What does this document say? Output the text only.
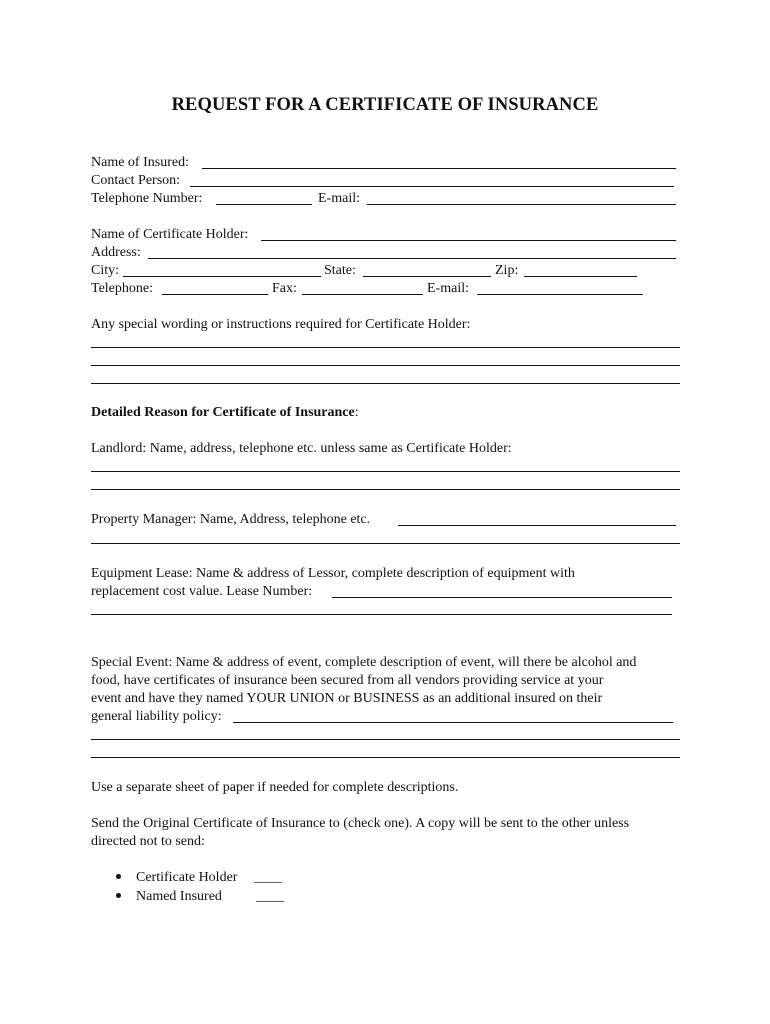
REQUEST FOR A CERTIFICATE OF INSURANCE
Name of Insured:
Contact Person:
Telephone Number:	E-mail:
Name of Certificate Holder:
Address:
City:	State:	Zip:
Telephone:	Fax:	E-mail:
Any special wording or instructions required for Certificate Holder:
Detailed Reason for Certificate of Insurance:
Landlord: Name, address, telephone etc. unless same as Certificate Holder:
Property Manager: Name, Address, telephone etc.
Equipment Lease: Name & address of Lessor, complete description of equipment with
replacement cost value. Lease Number:
Special Event: Name & address of event, complete description of event, will there be alcohol and
food, have certificates of insurance been secured from all vendors providing service at your
event and have they named YOUR UNION or BUSINESS as an additional insured on their
general liability policy:
Use a separate sheet of paper if needed for complete descriptions.
Send the Original Certificate of Insurance to (check one). A copy will be sent to the other unless
directed not to send:
Certificate Holder ____
Named Insured ____
